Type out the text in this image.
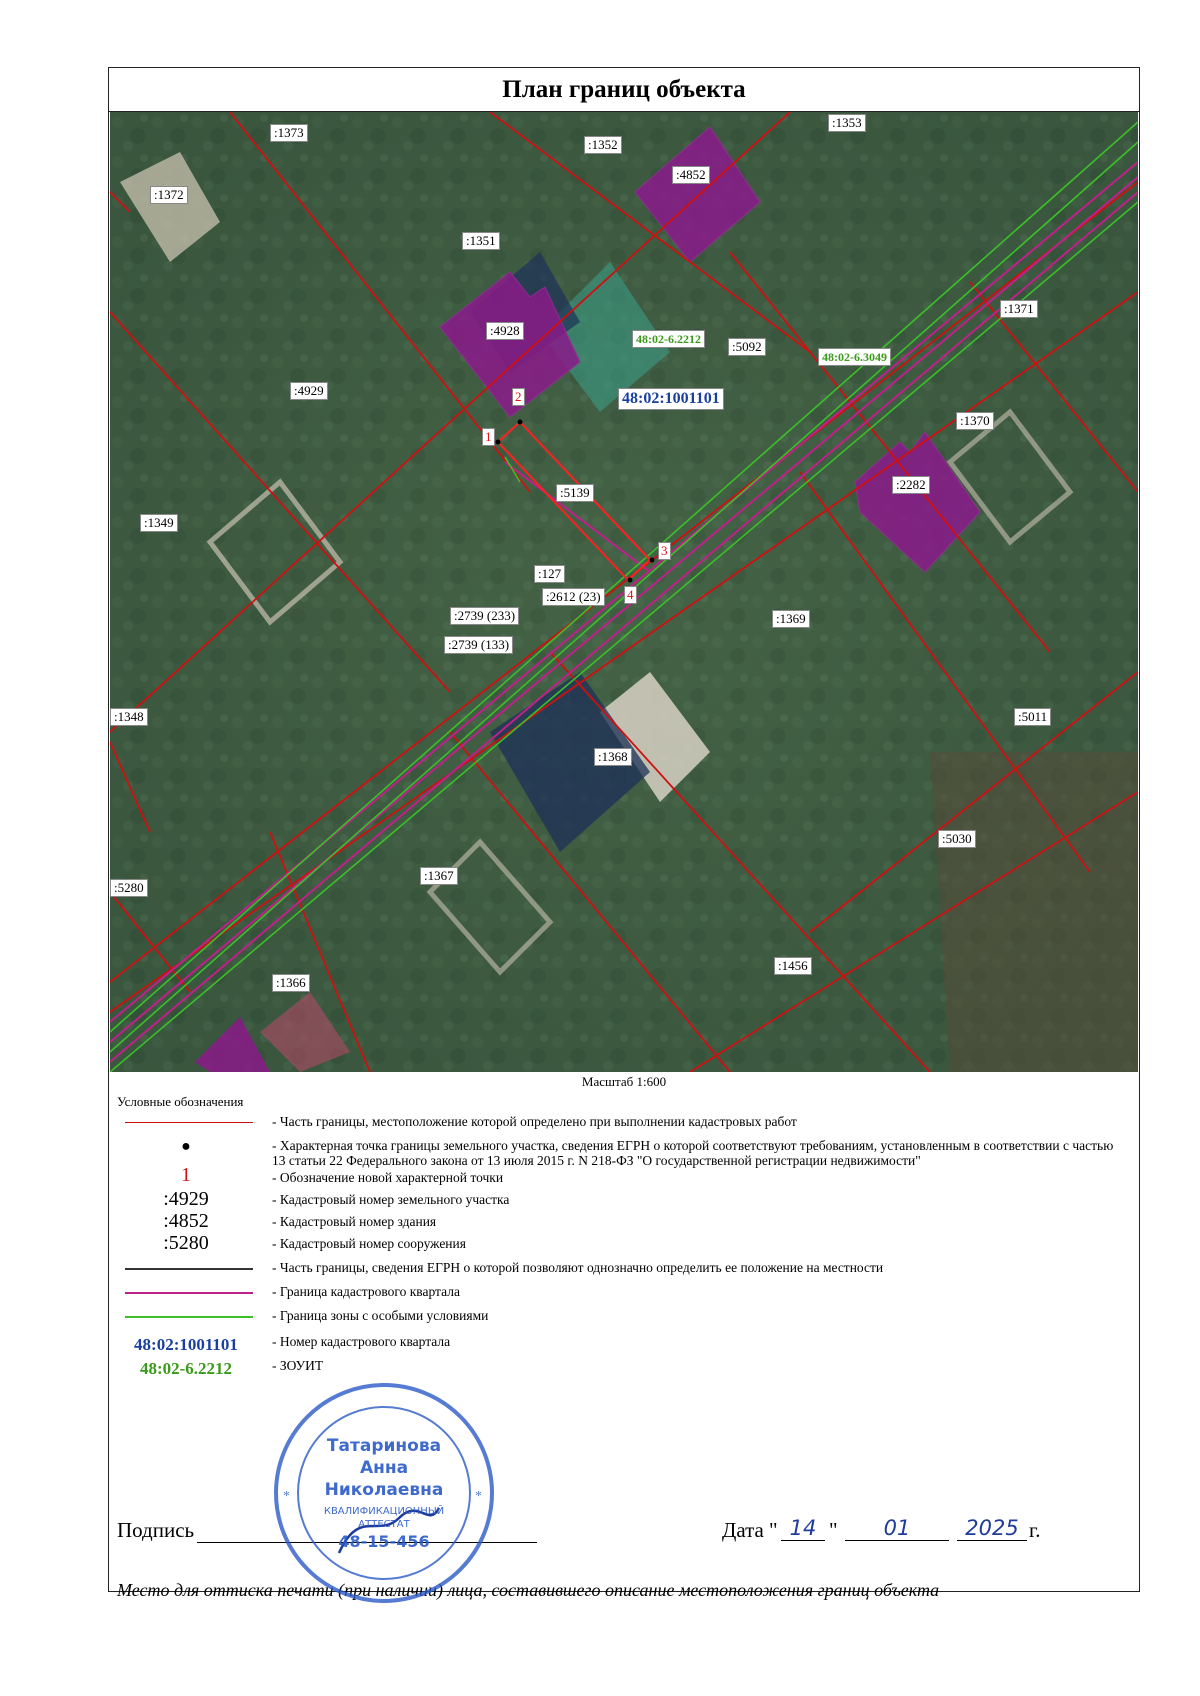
План границ объекта
:1373
:1372
:1352
:4852
:1353
:1351
:4928
:1371
:5092
:4929
:1370
:2282
:5139
:1349
:127
:2612 (23)
:2739 (233)
:2739 (133)
:1369
:1348	:5011
:1368
:5030
:5280
:1367
:1456
:1366
48:02:1001101
48:02-6.2212
48:02-6.3049
1
2
3
4
Масштаб 1:600
Условные обозначения
- Часть границы, местоположение которой определено при выполнении кадастровых работ
●	- Характерная точка границы земельного участка, сведения ЕГРН о которой соответствуют требованиям, установленным в соответствии с частью 13 статьи 22 Федерального закона от 13 июля 2015 г. N 218-ФЗ "О государственной регистрации недвижимости"
1	- Обозначение новой характерной точки
:4929	- Кадастровый номер земельного участка
:4852	- Кадастровый номер здания
:5280	- Кадастровый номер сооружения
- Часть границы, сведения ЕГРН о которой позволяют однозначно определить ее положение на местности
- Граница кадастрового квартала
- Граница зоны с особыми условиями
48:02:1001101	- Номер кадастрового квартала
48:02-6.2212	- ЗОУИТ
Подпись	Дата " 14 "	01	2025 г.
Место для оттиска печати (при наличии) лица, составившего описание местоположения границ объекта
*	*
Татаринова
Анна
Николаевна
КВАЛИФИКАЦИОННЫЙ
АТТЕСТАТ
48-15-456
